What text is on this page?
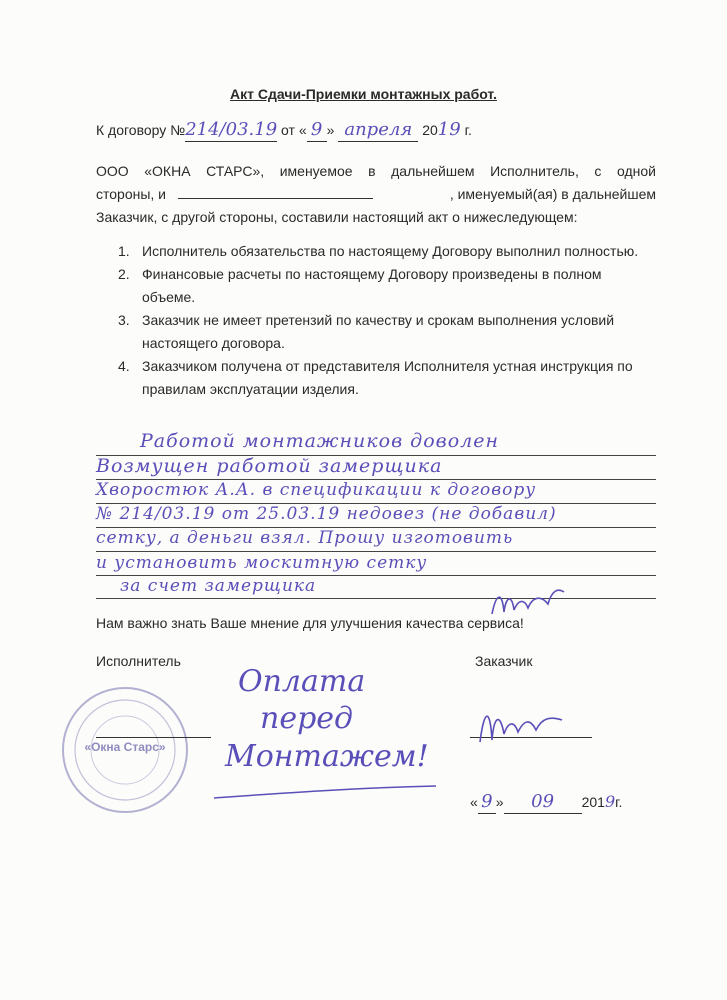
Акт Сдачи-Приемки монтажных работ.
К договору №214/03.19 от « 9 » апреля 2019 г.
ООО «ОКНА СТАРС», именуемое в дальнейшем Исполнитель, с одной
стороны, и	, именуемый(ая) в дальнейшем
Заказчик, с другой стороны, составили настоящий акт о нижеследующем:
1. Исполнитель обязательства по настоящему Договору выполнил полностью.
2. Финансовые расчеты по настоящему Договору произведены в полном объеме.
3. Заказчик не имеет претензий по качеству и срокам выполнения условий настоящего договора.
4. Заказчиком получена от представителя Исполнителя устная инструкция по правилам эксплуатации изделия.
Работой монтажников доволен
Возмущен работой замерщика
Хворостюк А.А. в спецификации к договору
№ 214/03.19 от 25.03.19 недовез (не добавил)
сетку, а деньги взял. Прошу изготовить
и установить москитную сетку
за счет замерщика
Нам важно знать Ваше мнение для улучшения качества сервиса!
Исполнитель	Заказчик
«Окна Старс»
Оплата
перед
Монтажем!
« 9 » 09 2019г.
